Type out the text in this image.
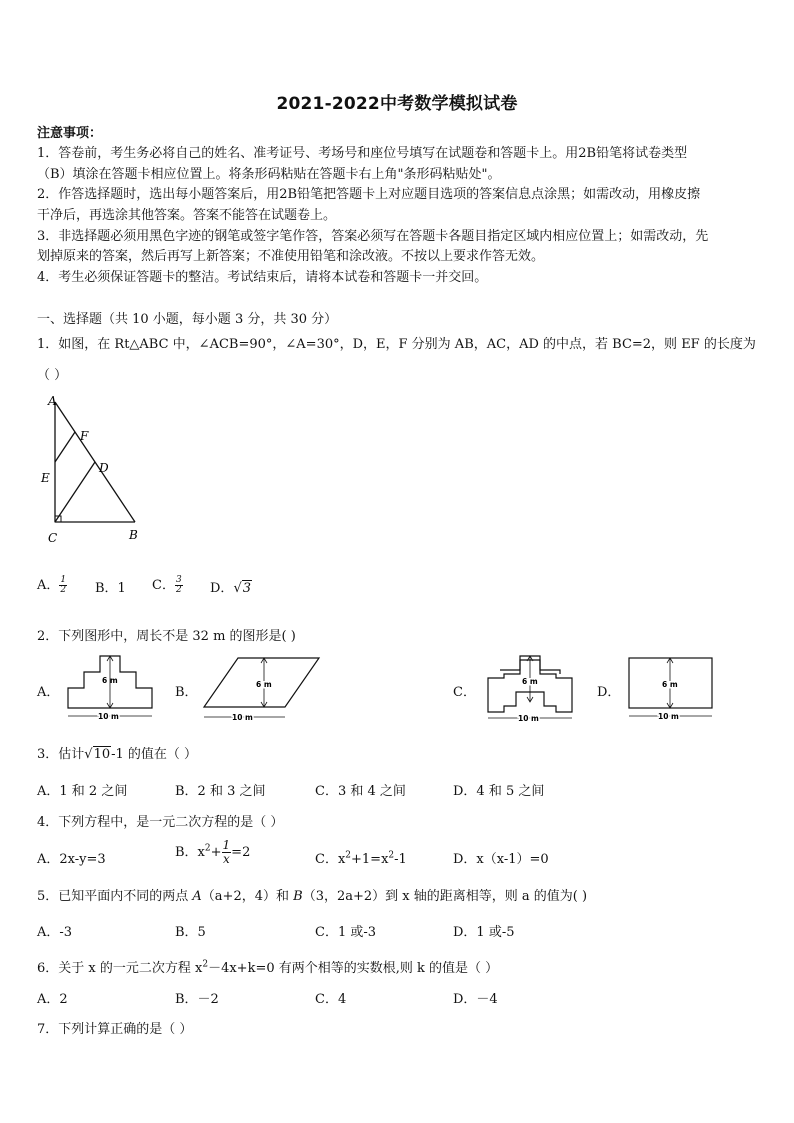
2021-2022中考数学模拟试卷
注意事项：
1．答卷前，考生务必将自己的姓名、准考证号、考场号和座位号填写在试题卷和答题卡上。用2B铅笔将试卷类型
（B）填涂在答题卡相应位置上。将条形码粘贴在答题卡右上角"条形码粘贴处"。
2．作答选择题时，选出每小题答案后，用2B铅笔把答题卡上对应题目选项的答案信息点涂黑；如需改动，用橡皮擦
干净后，再选涂其他答案。答案不能答在试题卷上。
3．非选择题必须用黑色字迹的钢笔或签字笔作答，答案必须写在答题卡各题目指定区域内相应位置上；如需改动，先
划掉原来的答案，然后再写上新答案；不准使用铅笔和涂改液。不按以上要求作答无效。
4．考生必须保证答题卡的整洁。考试结束后，请将本试卷和答题卡一并交回。
一、选择题（共 10 小题，每小题 3 分，共 30 分）
1．如图，在 Rt△ABC 中，∠ACB=90°，∠A=30°，D，E，F 分别为 AB，AC，AD 的中点，若 BC=2，则 EF 的长度为
（ ）
A
F
D
E
C	B
A． $\frac{1}{2}$ B．1 C． $\frac{3}{2}$ D．√3
2．下列图形中，周长不是 32 m 的图形是( )
A．
6 m
10 m
B．
6 m
10 m
C．
6 m
10 m
D．
6 m
10 m
3．估计√10-1 的值在（ ）
A．1 和 2 之间	B．2 和 3 之间	C．3 和 4 之间	D．4 和 5 之间
4．下列方程中，是一元二次方程的是（ ）
A．2x-y=3	B．$x^2+ \frac{1}{x} =2$	C．$x^2+1=x^2-1$	D．x（x-1）=0
5．已知平面内不同的两点 A（a+2，4）和 B（3，2a+2）到 x 轴的距离相等，则 a 的值为( )
A．-3	B．5	C．1 或-3	D．1 或-5
6．关于 x 的一元二次方程 $x^2-4x+k=0$ 有两个相等的实数根,则 k 的值是（ ）
A．2	B．－2	C．4	D．－4
7．下列计算正确的是（ ）
